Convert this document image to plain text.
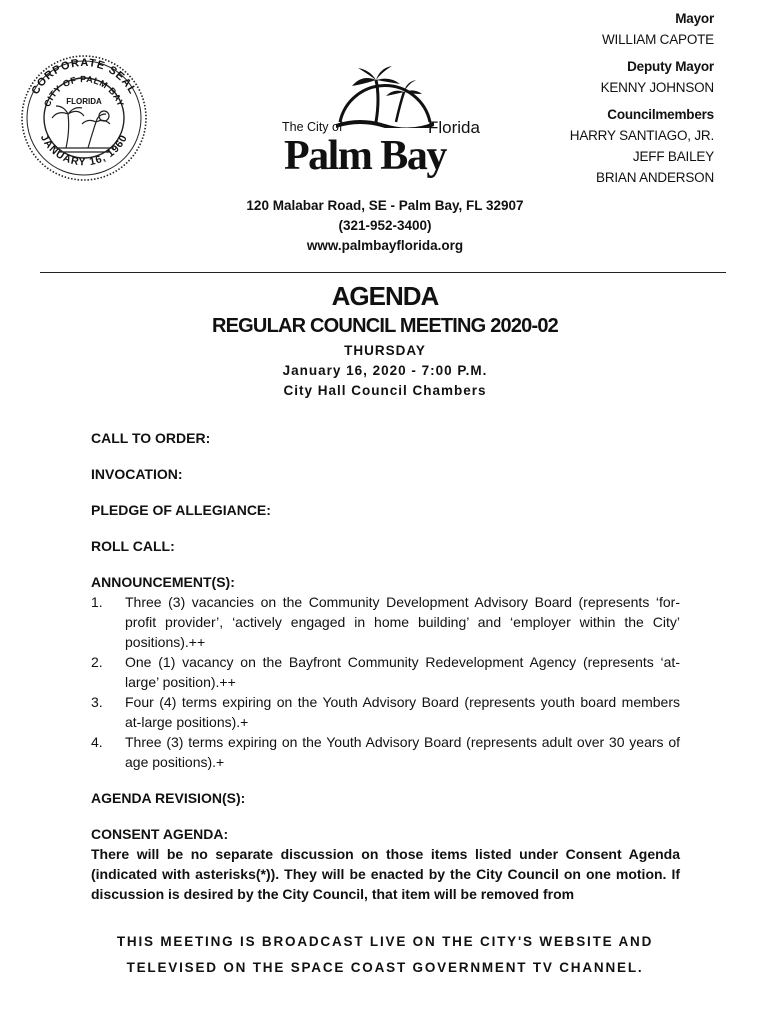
Mayor
WILLIAM CAPOTE
Deputy Mayor
KENNY JOHNSON
Councilmembers
HARRY SANTIAGO, JR.
JEFF BAILEY
BRIAN ANDERSON
CORPORATE SEAL
CITY OF PALM BAY
FLORIDA
JANUARY 16, 1960
The City of	Florida
Palm Bay
120 Malabar Road, SE - Palm Bay, FL 32907
(321-952-3400)
www.palmbayflorida.org
AGENDA
REGULAR COUNCIL MEETING 2020-02
THURSDAY
January 16, 2020 - 7:00 P.M.
City Hall Council Chambers

CALL TO ORDER:

INVOCATION:

PLEDGE OF ALLEGIANCE:

ROLL CALL:

ANNOUNCEMENT(S):

1. Three (3) vacancies on the Community Development Advisory Board (represents ‘for-profit provider’, ‘actively engaged in home building’ and ‘employer within the City’ positions).++
2. One (1) vacancy on the Bayfront Community Redevelopment Agency (represents ‘at-large’ position).++
3. Four (4) terms expiring on the Youth Advisory Board (represents youth board members at-large positions).+
4. Three (3) terms expiring on the Youth Advisory Board (represents adult over 30 years of age positions).+

AGENDA REVISION(S):

CONSENT AGENDA:

There will be no separate discussion on those items listed under Consent Agenda (indicated with asterisks(*)). They will be enacted by the City Council on one motion. If discussion is desired by the City Council, that item will be removed from
THIS MEETING IS BROADCAST LIVE ON THE CITY'S WEBSITE AND
TELEVISED ON THE SPACE COAST GOVERNMENT TV CHANNEL.
